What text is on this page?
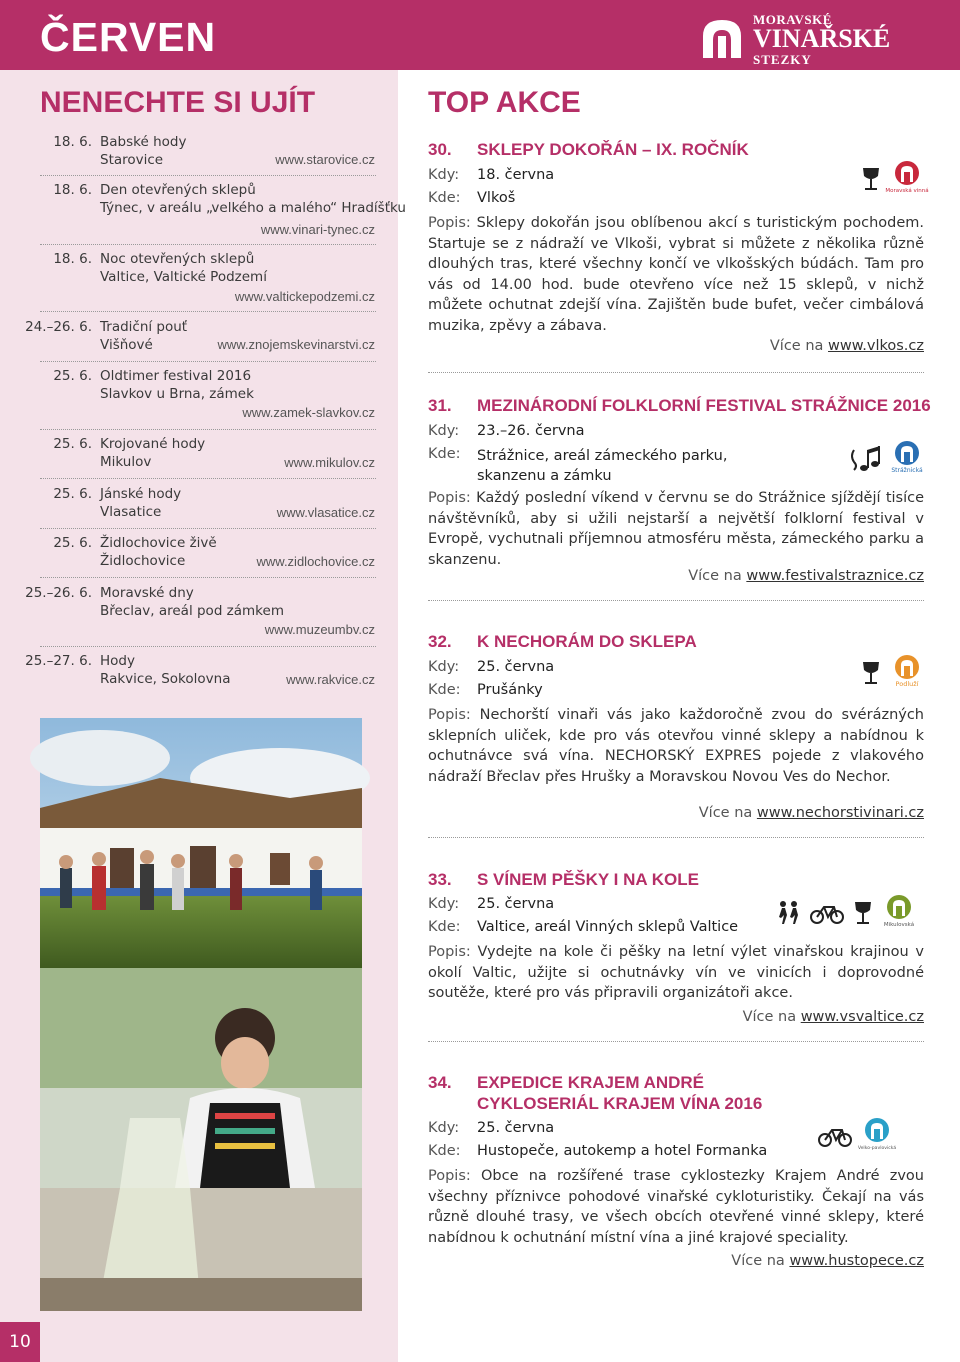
ČERVEN	MORAVSKÉ
VINAŘSKÉ
STEZKY
NENECHTE SI UJÍT
18. 6. Babské hody
Starovice	www.starovice.cz
18. 6. Den otevřených sklepů
Týnec, v areálu „velkého a malého“ Hradíšťku
www.vinari-tynec.cz
18. 6. Noc otevřených sklepů
Valtice, Valtické Podzemí
www.valtickepodzemi.cz
24.–26. 6. Tradiční pouť
Višňové	www.znojemskevinarstvi.cz
25. 6. Oldtimer festival 2016
Slavkov u Brna, zámek
www.zamek-slavkov.cz
25. 6. Krojované hody
Mikulov	www.mikulov.cz
25. 6. Jánské hody
Vlasatice	www.vlasatice.cz
25. 6. Židlochovice živě
Židlochovice	www.zidlochovice.cz
25.–26. 6. Moravské dny
Břeclav, areál pod zámkem
www.muzeumbv.cz
25.–27. 6. Hody
Rakvice, Sokolovna	www.rakvice.cz
10
TOP AKCE
30. SKLEPY DOKOŘÁN – IX. ROČNÍK
Kdy: 18. června
Kde: Vlkoš
Popis: Sklepy dokořán jsou oblíbenou akcí s turistickým pochodem. Startuje se z nádraží ve Vlkoši, vybrat si můžete z několika různě dlouhých tras, které všechny končí ve vlkošských búdách. Tam pro vás od 14.00 hod. bude otevřeno více než 15 sklepů, v nichž můžete ochutnat zdejší vína. Zajištěn bude bufet, večer cimbálová muzika, zpěvy a zábava.
Více na www.vlkos.cz
Moravská vinná
31. MEZINÁRODNÍ FOLKLORNÍ FESTIVAL STRÁŽNICE 2016
Kdy: 23.–26. června
Kde: Strážnice, areál zámeckého parku, skanzenu a zámku
Popis: Každý poslední víkend v červnu se do Strážnice sjíždějí tisíce návštěvníků, aby si užili nejstarší a největší folklorní festival v Evropě, vychutnali příjemnou atmosféru města, zámeckého parku a skanzenu.
Více na www.festivalstraznice.cz
Strážnická
32. K NECHORÁM DO SKLEPA
Kdy: 25. června
Kde: Prušánky
Popis: Nechorští vinaři vás jako každoročně zvou do svérázných sklepních uliček, kde pro vás otevřou vinné sklepy a nabídnou k ochutnávce svá vína. NECHORSKÝ EXPRES pojede z vlakového nádraží Břeclav přes Hrušky a Moravskou Novou Ves do Nechor.
Více na www.nechorstivinari.cz
Podluží
33. S VÍNEM PĚŠKY I NA KOLE
Kdy: 25. června
Kde: Valtice, areál Vinných sklepů Valtice
Popis: Vydejte na kole či pěšky na letní výlet vinařskou krajinou v okolí Valtic, užijte si ochutnávky vín ve vinicích i doprovodné soutěže, které pro vás připravili organizátoři akce.
Více na www.vsvaltice.cz
Mikulovská
34. EXPEDICE KRAJEM ANDRÉ
CYKLOSERIÁL KRAJEM VÍNA 2016
Kdy: 25. června
Kde: Hustopeče, autokemp a hotel Formanka
Popis: Obce na rozšířené trase cyklostezky Krajem André zvou všechny příznivce pohodové vinařské cykloturistiky. Čekají na vás různě dlouhé trasy, ve všech obcích otevřené vinné sklepy, které nabídnou k ochutnání místní vína a jiné krajové speciality.
Více na www.hustopece.cz
Velko-pavlovická
